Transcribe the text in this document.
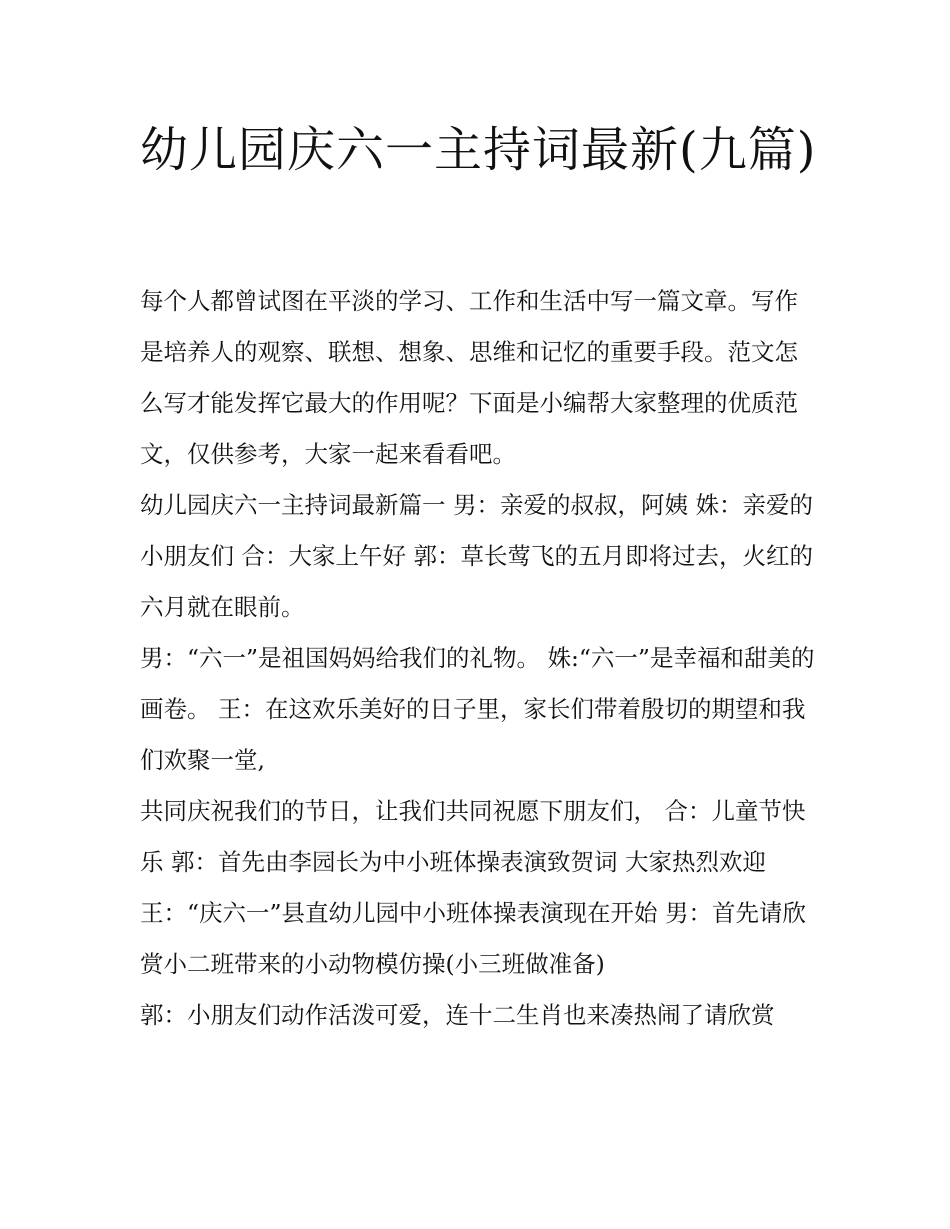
幼儿园庆六一主持词最新(九篇)

每个人都曾试图在平淡的学习、工作和生活中写一篇文章。写作是培养人的观察、联想、想象、思维和记忆的重要手段。范文怎么写才能发挥它最大的作用呢？下面是小编帮大家整理的优质范文，仅供参考，大家一起来看看吧。

幼儿园庆六一主持词最新篇一 男：亲爱的叔叔，阿姨 姝：亲爱的小朋友们 合：大家上午好 郭：草长莺飞的五月即将过去，火红的六月就在眼前。

男：“六一”是祖国妈妈给我们的礼物。 姝:“六一”是幸福和甜美的画卷。 王：在这欢乐美好的日子里，家长们带着殷切的期望和我们欢聚一堂,

共同庆祝我们的节日，让我们共同祝愿下朋友们， 合：儿童节快乐 郭：首先由李园长为中小班体操表演致贺词 大家热烈欢迎

王：“庆六一”县直幼儿园中小班体操表演现在开始 男：首先请欣赏小二班带来的小动物模仿操(小三班做准备)

郭：小朋友们动作活泼可爱，连十二生肖也来凑热闹了请欣赏
